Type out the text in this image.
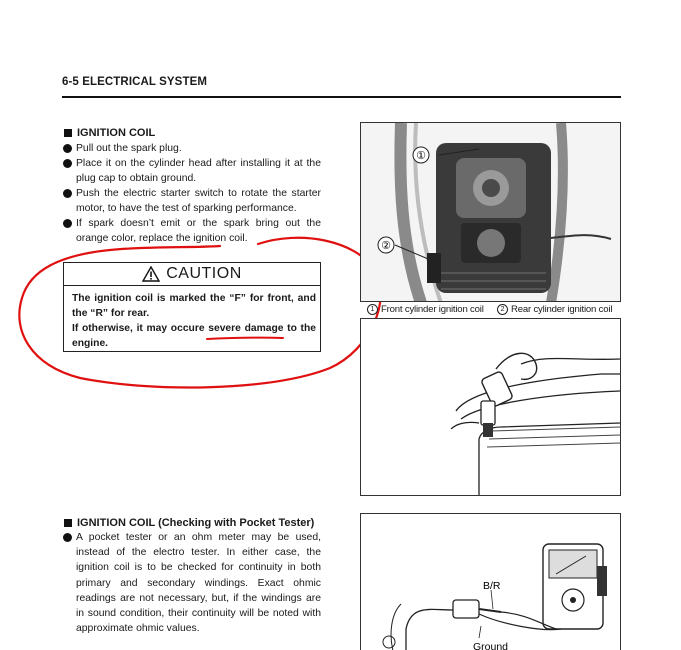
6-5 ELECTRICAL SYSTEM
IGNITION COIL
Pull out the spark plug.
Place it on the cylinder head after installing it at the plug cap to obtain ground.
Push the electric starter switch to rotate the starter motor, to have the test of sparking performance.
If spark doesn’t emit or the spark bring out the orange color, replace the ignition coil.
CAUTION
The ignition coil is marked the “F” for front, and the “R” for rear.
If otherwise, it may occure severe damage to the engine.
①
②
1 Front cylinder ignition coil	2 Rear cylinder ignition coil
IGNITION COIL (Checking with Pocket Tester)
A pocket tester or an ohm meter may be used, instead of the electro tester. In either case, the ignition coil is to be checked for continuity in both primary and secondary windings. Exact ohmic readings are not necessary, but, if the windings are in sound condition, their continuity will be noted with approximate ohmic values.
B/R
Ground
